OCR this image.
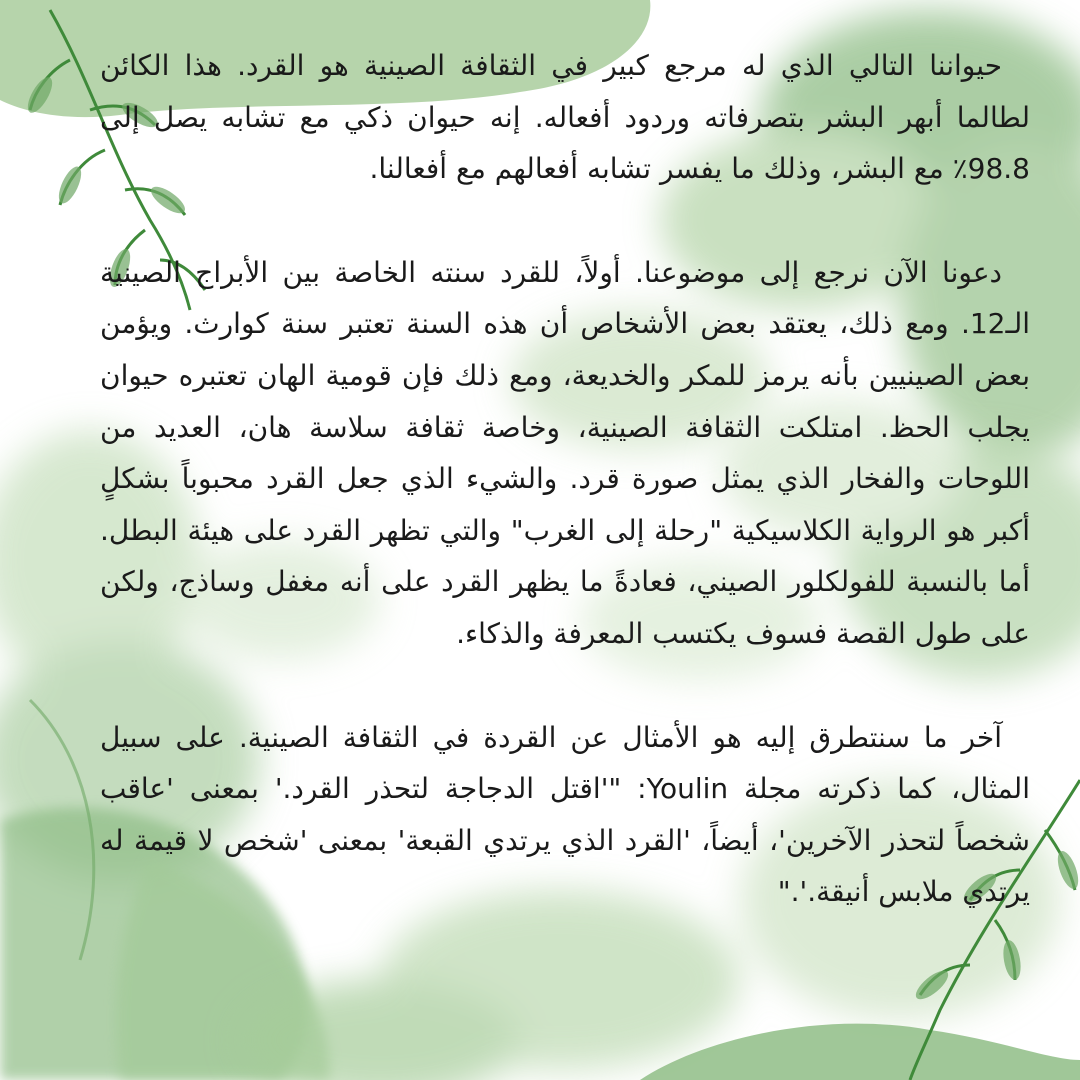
حيواننا التالي الذي له مرجع كبير في الثقافة الصينية هو القرد. هذا الكائن لطالما أبهر البشر بتصرفاته وردود أفعاله. إنه حيوان ذكي مع تشابه يصل إلى 98.8٪ مع البشر، وذلك ما يفسر تشابه أفعالهم مع أفعالنا.

دعونا الآن نرجع إلى موضوعنا. أولاً، للقرد سنته الخاصة بين الأبراج الصينية الـ12. ومع ذلك، يعتقد بعض الأشخاص أن هذه السنة تعتبر سنة كوارث. ويؤمن بعض الصينيين بأنه يرمز للمكر والخديعة، ومع ذلك فإن قومية الهان تعتبره حيوان يجلب الحظ. امتلكت الثقافة الصينية، وخاصة ثقافة سلاسة هان، العديد من اللوحات والفخار الذي يمثل صورة قرد. والشيء الذي جعل القرد محبوباً بشكلٍ أكبر هو الرواية الكلاسيكية "رحلة إلى الغرب" والتي تظهر القرد على هيئة البطل. أما بالنسبة للفولكلور الصيني، فعادةً ما يظهر القرد على أنه مغفل وساذج، ولكن على طول القصة فسوف يكتسب المعرفة والذكاء.

آخر ما سنتطرق إليه هو الأمثال عن القردة في الثقافة الصينية. على سبيل المثال، كما ذكرته مجلة Youlin: "'اقتل الدجاجة لتحذر القرد.' بمعنى 'عاقب شخصاً لتحذر الآخرين'، أيضاً، 'القرد الذي يرتدي القبعة' بمعنى 'شخص لا قيمة له يرتدي ملابس أنيقة.'."
